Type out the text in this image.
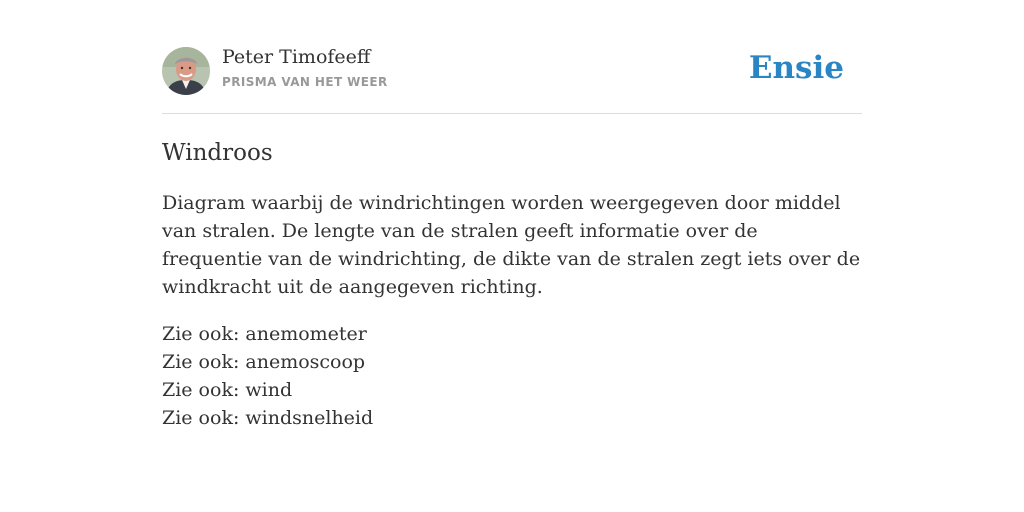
Peter Timofeeff
PRISMA VAN HET WEER	Ensie
Windroos

Diagram waarbij de windrichtingen worden weergegeven door middel van stralen. De lengte van de stralen geeft informatie over de frequentie van de windrichting, de dikte van de stralen zegt iets over de windkracht uit de aangegeven richting.

Zie ook: anemometer
Zie ook: anemoscoop
Zie ook: wind
Zie ook: windsnelheid
